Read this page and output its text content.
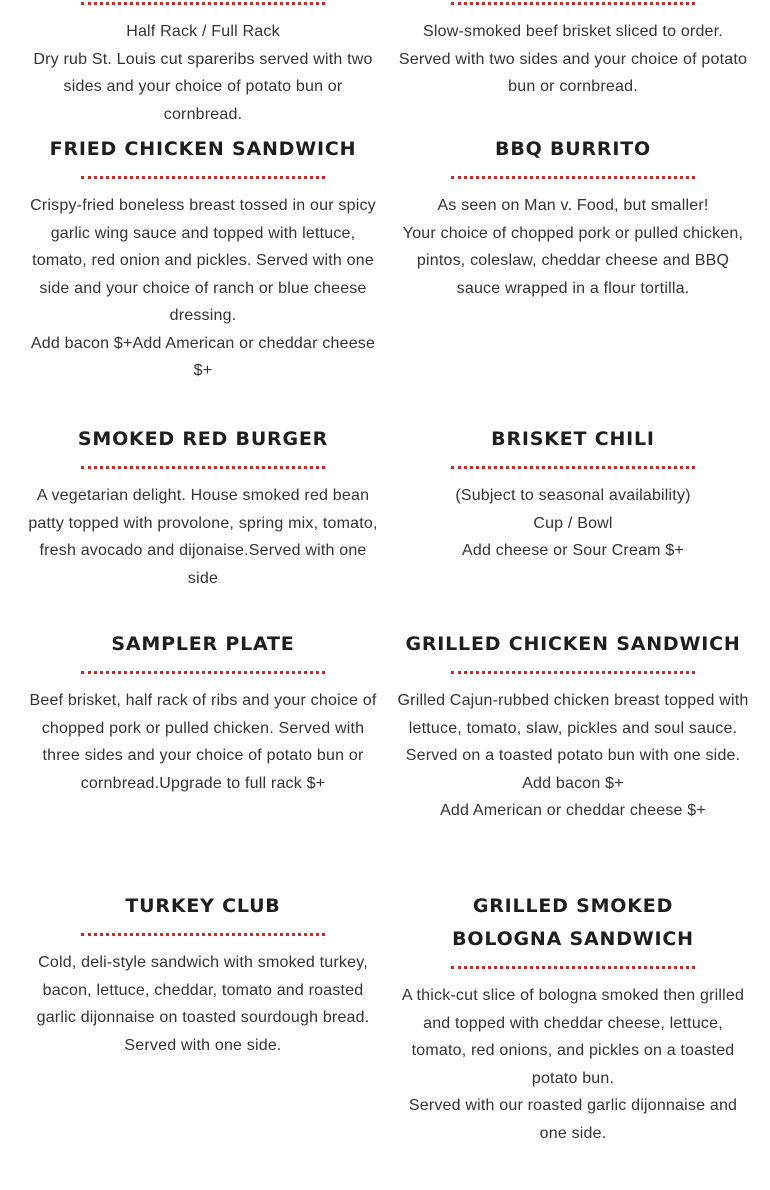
Half Rack / Full Rack

Dry rub St. Louis cut spareribs served with two sides and your choice of potato bun or cornbread.

Slow-smoked beef brisket sliced to order.

Served with two sides and your choice of potato bun or cornbread.

FRIED CHICKEN SANDWICH

Crispy-fried boneless breast tossed in our spicy garlic wing sauce and topped with lettuce, tomato, red onion and pickles. Served with one side and your choice of ranch or blue cheese dressing.

Add bacon $+Add American or cheddar cheese $+

BBQ BURRITO

As seen on Man v. Food, but smaller!

Your choice of chopped pork or pulled chicken, pintos, coleslaw, cheddar cheese and BBQ sauce wrapped in a flour tortilla.

SMOKED RED BURGER

A vegetarian delight. House smoked red bean patty topped with provolone, spring mix, tomato, fresh avocado and dijonaise.Served with one side

BRISKET CHILI

(Subject to seasonal availability)

Cup / Bowl

Add cheese or Sour Cream $+

SAMPLER PLATE

Beef brisket, half rack of ribs and your choice of chopped pork or pulled chicken. Served with three sides and your choice of potato bun or cornbread.Upgrade to full rack $+

GRILLED CHICKEN SANDWICH

Grilled Cajun-rubbed chicken breast topped with lettuce, tomato, slaw, pickles and soul sauce. Served on a toasted potato bun with one side.

Add bacon $+

Add American or cheddar cheese $+

TURKEY CLUB

Cold, deli-style sandwich with smoked turkey, bacon, lettuce, cheddar, tomato and roasted garlic dijonnaise on toasted sourdough bread. Served with one side.

GRILLED SMOKED BOLOGNA SANDWICH

A thick-cut slice of bologna smoked then grilled and topped with cheddar cheese, lettuce, tomato, red onions, and pickles on a toasted potato bun.

Served with our roasted garlic dijonnaise and one side.
